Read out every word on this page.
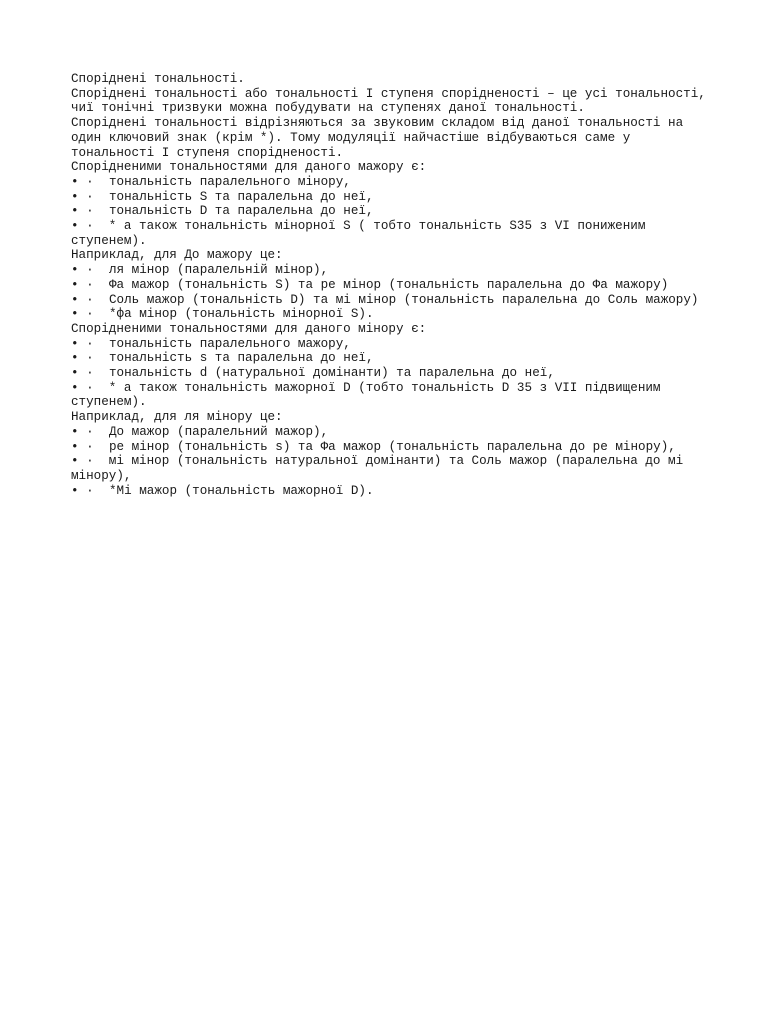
Споріднені тональності.

Споріднені тональності або тональності I ступеня спорідненості – це усі тональності, чиї тонічні тризвуки можна побудувати на ступенях даної тональності.

Споріднені тональності відрізняються за звуковим складом від даної тональності на один ключовий знак (крім *). Тому модуляції найчастіше відбуваються саме у тональності I ступеня спорідненості.

Спорідненими тональностями для даного мажору є:

• · тональність паралельного мінору,
• · тональність S та паралельна до неї,
• · тональність D та паралельна до неї,
• ·  * а також тональність мінорної S ( тобто тональність S35 з VI пониженим ступенем).

Наприклад, для До мажору це:

• · ля мінор (паралельній мінор),
• · Фа мажор (тональність S) та ре мінор (тональність паралельна до Фа мажору)
• · Соль мажор (тональність D) та мі мінор (тональність паралельна до Соль мажору)
• · *фа мінор (тональність мінорної S).

Спорідненими тональностями для даного мінору є:

• · тональність паралельного мажору,
• · тональність s та паралельна до неї,
• · тональність d (натуральної домінанти) та паралельна до неї,
• ·  * а також тональність мажорної D (тобто тональність D 35 з VII підвищеним ступенем).

Наприклад, для ля мінору це:

• · До мажор (паралельний мажор),
• · ре мінор (тональність s) та Фа мажор (тональність паралельна до ре мінору),
• ·  мі мінор (тональність натуральної домінанти) та Соль мажор (паралельна до мі мінору),
• · *Мі мажор (тональність мажорної D).
